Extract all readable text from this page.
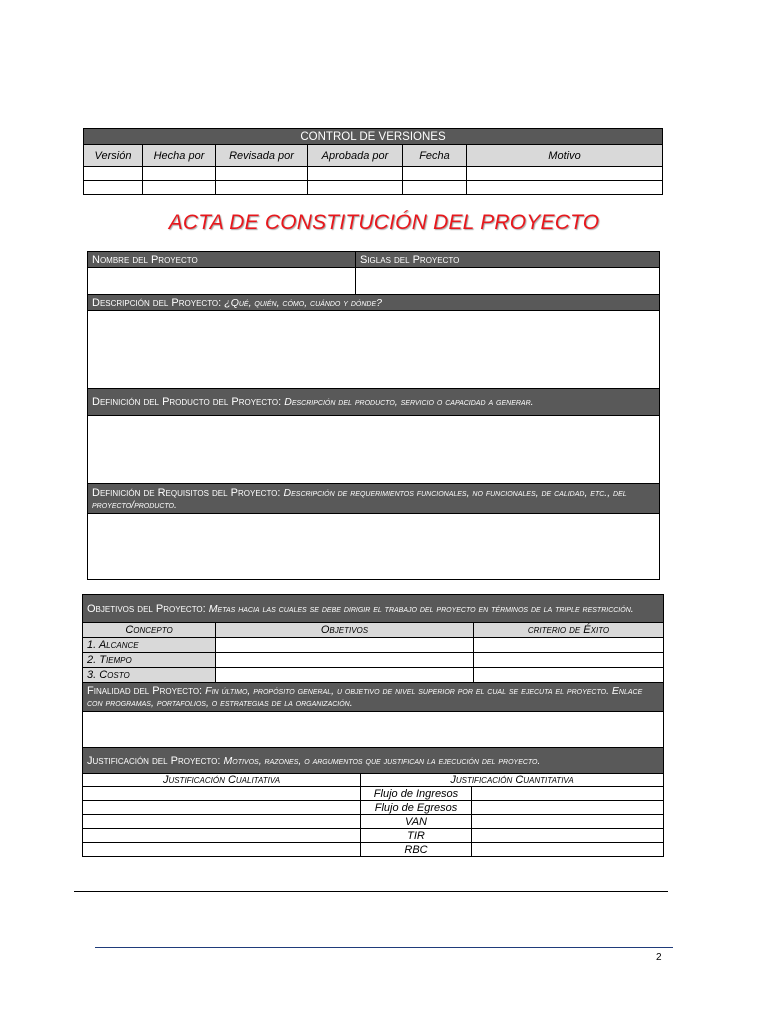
CONTROL DE VERSIONES					
Versión	Hecha por	Revisada por	Aprobada por	Fecha	Motivo

ACTA DE CONSTITUCIÓN DEL PROYECTO
Nombre del Proyecto	Siglas del Proyecto

Descripción del Proyecto: ¿Qué, quién, cómo, cuándo y dónde?	

Definición del Producto del Proyecto: Descripción del producto, servicio o capacidad a generar.	

Definición de Requisitos del Proyecto: Descripción de requerimientos funcionales, no funcionales, de calidad, etc., del proyecto/producto.	

Objetivos del Proyecto: Metas hacia las cuales se debe dirigir el trabajo del proyecto en términos de la triple restricción.				
Concepto	Objetivos			criterio de Éxito
1. Alcance				
2. Tiempo				
3. Costo				
Finalidad del Proyecto: Fin último, propósito general, u objetivo de nivel superior por el cual se ejecuta el proyecto. Enlace con programas, portafolios, o estrategias de la organización.				

Justificación del Proyecto: Motivos, razones, o argumentos que justifican la ejecución del proyecto.				
Justificación Cualitativa		Justificación Cuantitativa		
		Flujo de Ingresos		
		Flujo de Egresos		
		VAN		
		TIR		
		RBC		
2
